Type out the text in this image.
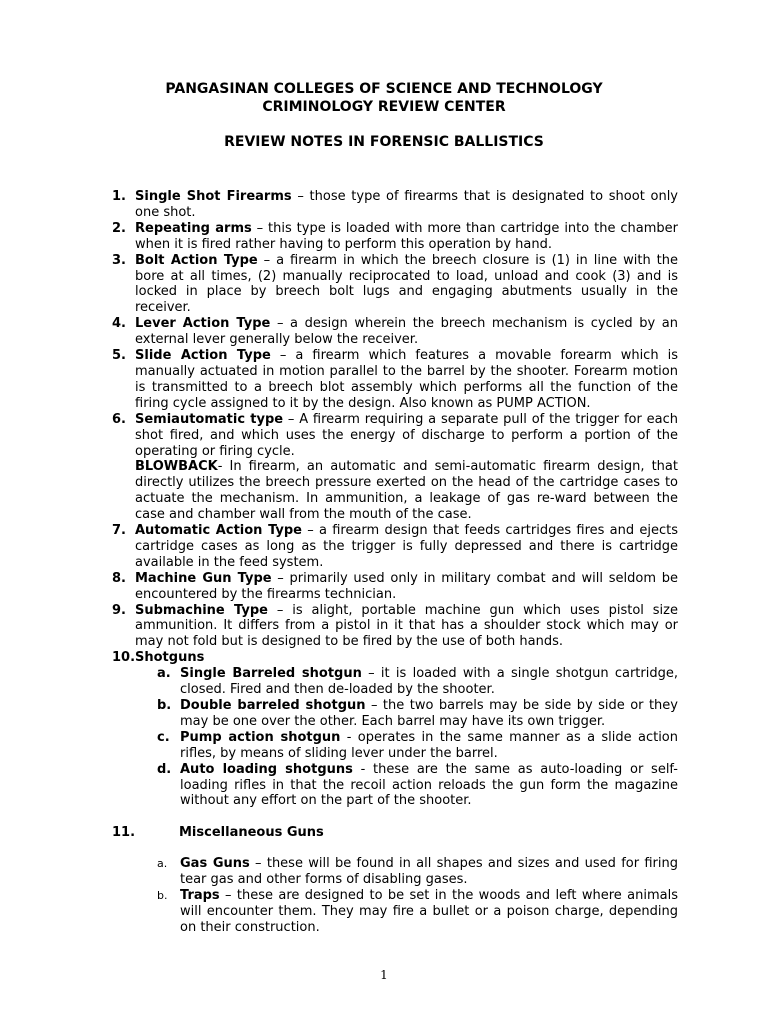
PANGASINAN COLLEGES OF SCIENCE AND TECHNOLOGY
CRIMINOLOGY REVIEW CENTER
REVIEW NOTES IN FORENSIC BALLISTICS
1. Single Shot Firearms – those type of firearms that is designated to shoot only one shot.
2. Repeating arms – this type is loaded with more than cartridge into the chamber when it is fired rather having to perform this operation by hand.
3. Bolt Action Type – a firearm in which the breech closure is (1) in line with the bore at all times, (2) manually reciprocated to load, unload and cook (3) and is locked in place by breech bolt lugs and engaging abutments usually in the receiver.
4. Lever Action Type – a design wherein the breech mechanism is cycled by an external lever generally below the receiver.
5. Slide Action Type – a firearm which features a movable forearm which is manually actuated in motion parallel to the barrel by the shooter. Forearm motion is transmitted to a breech blot assembly which performs all the function of the firing cycle assigned to it by the design. Also known as PUMP ACTION.
6. Semiautomatic type – A firearm requiring a separate pull of the trigger for each shot fired, and which uses the energy of discharge to perform a portion of the operating or firing cycle.
BLOWBACK- In firearm, an automatic and semi-automatic firearm design, that directly utilizes the breech pressure exerted on the head of the cartridge cases to actuate the mechanism. In ammunition, a leakage of gas re-ward between the case and chamber wall from the mouth of the case.
7. Automatic Action Type – a firearm design that feeds cartridges fires and ejects cartridge cases as long as the trigger is fully depressed and there is cartridge available in the feed system.
8. Machine Gun Type – primarily used only in military combat and will seldom be encountered by the firearms technician.
9. Submachine Type – is alight, portable machine gun which uses pistol size ammunition. It differs from a pistol in it that has a shoulder stock which may or may not fold but is designed to be fired by the use of both hands.
10. Shotguns
a. Single Barreled shotgun – it is loaded with a single shotgun cartridge, closed. Fired and then de-loaded by the shooter.
b. Double barreled shotgun – the two barrels may be side by side or they may be one over the other. Each barrel may have its own trigger.
c. Pump action shotgun - operates in the same manner as a slide action rifles, by means of sliding lever under the barrel.
d. Auto loading shotguns - these are the same as auto-loading or self-loading rifles in that the recoil action reloads the gun form the magazine without any effort on the part of the shooter.
11.	Miscellaneous Guns
a. Gas Guns – these will be found in all shapes and sizes and used for firing tear gas and other forms of disabling gases.
b. Traps – these are designed to be set in the woods and left where animals will encounter them. They may fire a bullet or a poison charge, depending on their construction.
1
